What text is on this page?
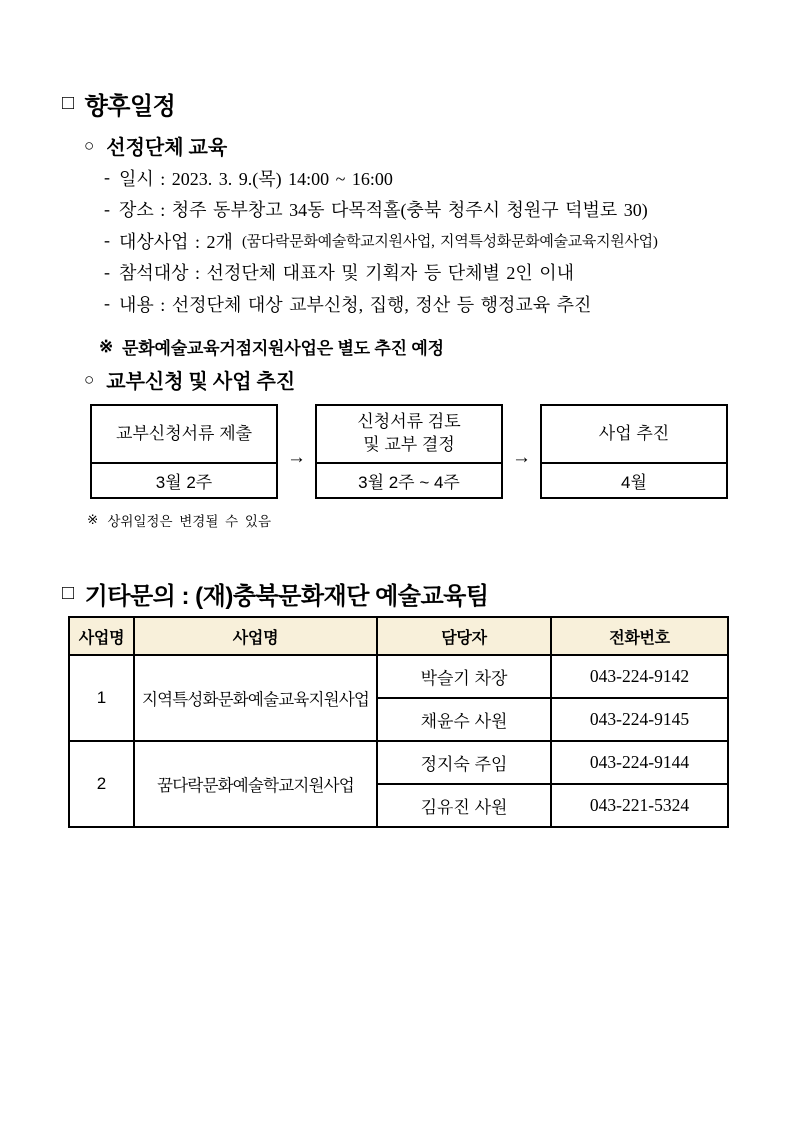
□ 향후일정
○ 선정단체 교육
- 일시 : 2023. 3. 9.(목) 14:00 ~ 16:00
- 장소 : 청주 동부창고 34동 다목적홀(충북 청주시 청원구 덕벌로 30)
- 대상사업 : 2개 (꿈다락문화예술학교지원사업, 지역특성화문화예술교육지원사업)
- 참석대상 : 선정단체 대표자 및 기획자 등 단체별 2인 이내
- 내용 : 선정단체 대상 교부신청, 집행, 정산 등 행정교육 추진
※ 문화예술교육거점지원사업은 별도 추진 예정
○ 교부신청 및 사업 추진
교부신청서류 제출
3월 2주
→
신청서류 검토
및 교부 결정
3월 2주 ~ 4주
→
사업 추진
4월
※ 상위일정은 변경될 수 있음
□ 기타문의 : (재)충북문화재단 예술교육팀
사업명	사업명	담당자	전화번호
1	지역특성화문화예술교육지원사업	박슬기 차장	043-224-9142
		채윤수 사원	043-224-9145
2	꿈다락문화예술학교지원사업	정지숙 주임	043-224-9144
		김유진 사원	043-221-5324
